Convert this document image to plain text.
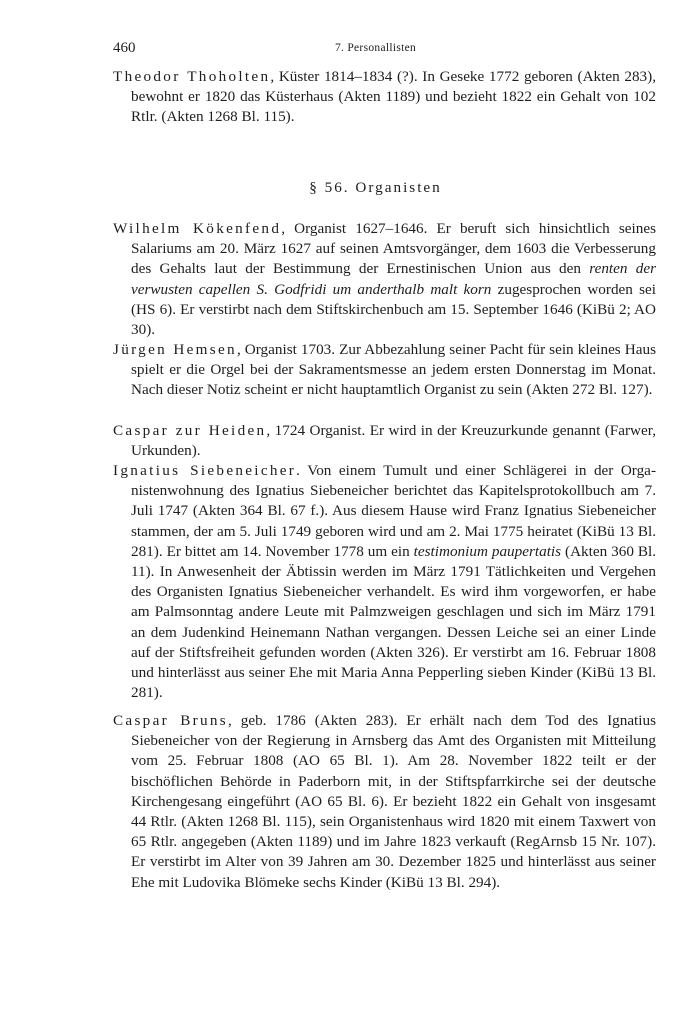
460	7. Personallisten

Theodor Thoholten, Küster 1814–1834 (?). In Geseke 1772 geboren (Akten 283), bewohnt er 1820 das Küsterhaus (Akten 1189) und bezieht 1822 ein Gehalt von 102 Rtlr. (Akten 1268 Bl. 115).

§ 56. Organisten

Wilhelm Kökenfend, Organist 1627–1646. Er beruft sich hinsichtlich seines Salariums am 20. März 1627 auf seinen Amtsvorgänger, dem 1603 die Verbesserung des Gehalts laut der Bestimmung der Ernestinischen Union aus den renten der verwusten capellen S. Godfridi um anderthalb malt korn zugesprochen worden sei (HS 6). Er verstirbt nach dem Stiftskirchenbuch am 15. September 1646 (KiBü 2; AO 30).

Jürgen Hemsen, Organist 1703. Zur Abbezahlung seiner Pacht für sein kleines Haus spielt er die Orgel bei der Sakramentsmesse an jedem ersten Donnerstag im Monat. Nach dieser Notiz scheint er nicht hauptamtlich Organist zu sein (Akten 272 Bl. 127).

Caspar zur Heiden, 1724 Organist. Er wird in der Kreuzurkunde genannt (Farwer, Urkunden).

Ignatius Siebeneicher. Von einem Tumult und einer Schlägerei in der Organistenwohnung des Ignatius Siebeneicher berichtet das Kapitelsprotokollbuch am 7. Juli 1747 (Akten 364 Bl. 67 f.). Aus diesem Hause wird Franz Ignatius Siebeneicher stammen, der am 5. Juli 1749 geboren wird und am 2. Mai 1775 heiratet (KiBü 13 Bl. 281). Er bittet am 14. November 1778 um ein testimonium paupertatis (Akten 360 Bl. 11). In Anwesenheit der Äbtissin werden im März 1791 Tätlichkeiten und Vergehen des Organisten Ignatius Siebeneicher verhandelt. Es wird ihm vorgeworfen, er habe am Palmsonntag andere Leute mit Palmzweigen geschlagen und sich im März 1791 an dem Judenkind Heinemann Nathan vergangen. Dessen Leiche sei an einer Linde auf der Stiftsfreiheit gefunden worden (Akten 326). Er verstirbt am 16. Februar 1808 und hinterlässt aus seiner Ehe mit Maria Anna Pepperling sieben Kinder (KiBü 13 Bl. 281).

Caspar Bruns, geb. 1786 (Akten 283). Er erhält nach dem Tod des Ignatius Siebeneicher von der Regierung in Arnsberg das Amt des Organisten mit Mitteilung vom 25. Februar 1808 (AO 65 Bl. 1). Am 28. November 1822 teilt er der bischöflichen Behörde in Paderborn mit, in der Stiftspfarrkirche sei der deutsche Kirchengesang eingeführt (AO 65 Bl. 6). Er bezieht 1822 ein Gehalt von insgesamt 44 Rtlr. (Akten 1268 Bl. 115), sein Organistenhaus wird 1820 mit einem Taxwert von 65 Rtlr. angegeben (Akten 1189) und im Jahre 1823 verkauft (RegArnsb 15 Nr. 107). Er verstirbt im Alter von 39 Jahren am 30. Dezember 1825 und hinterlässt aus seiner Ehe mit Ludovika Blömeke sechs Kinder (KiBü 13 Bl. 294).
